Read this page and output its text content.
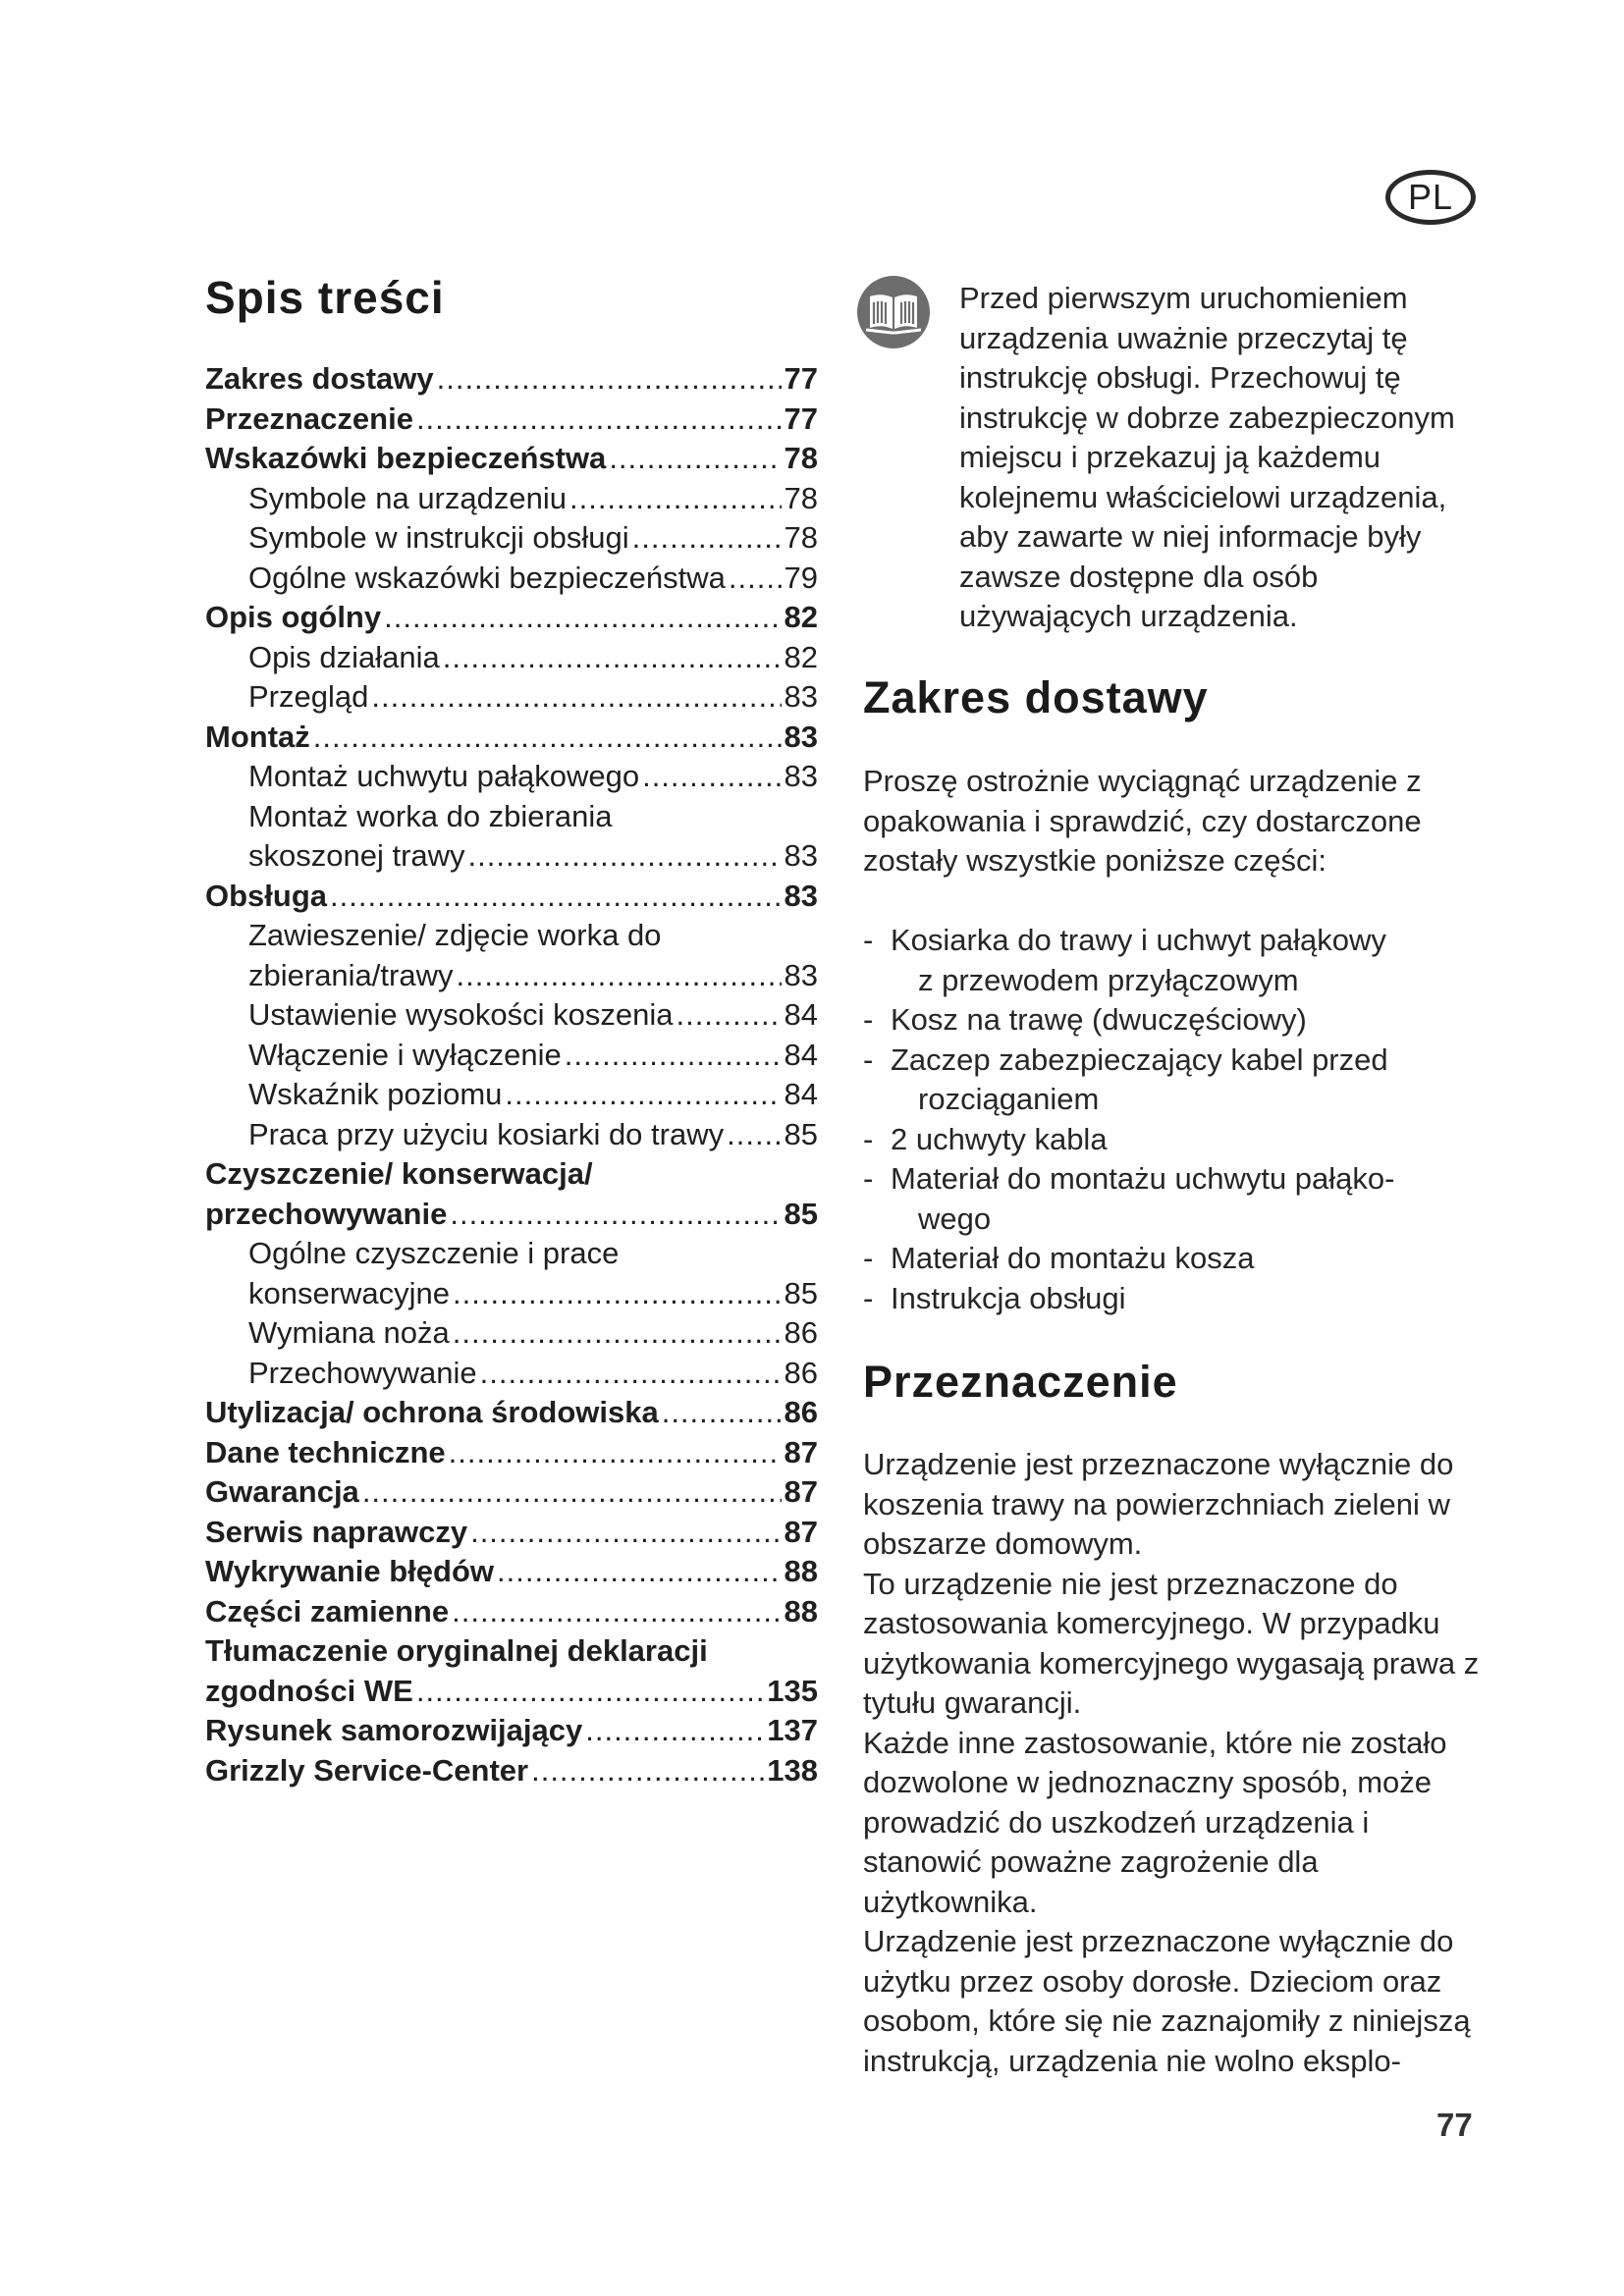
PL
Spis treści
Zakres dostawy .....	77
Przeznaczenie .....	77
Wskazówki bezpieczeństwa .....	78
Symbole na urządzeniu .....	78
Symbole w instrukcji obsługi .....	78
Ogólne wskazówki bezpieczeństwa ..... 79
Opis ogólny .....	82
Opis działania .....	82
Przegląd .....	83
Montaż .....	83
Montaż uchwytu pałąkowego .....	83
Montaż worka do zbierania
skoszonej trawy .....	83
Obsługa .....	83
Zawieszenie/ zdjęcie worka do
zbierania/trawy .....	83
Ustawienie wysokości koszenia .....	84
Włączenie i wyłączenie .....	84
Wskaźnik poziomu .....	84
Praca przy użyciu kosiarki do trawy ..... 85
Czyszczenie/ konserwacja/
przechowywanie .....	85
Ogólne czyszczenie i prace
konserwacyjne .....	85
Wymiana noża .....	86
Przechowywanie .....	86
Utylizacja/ ochrona środowiska .....	86
Dane techniczne .....	87
Gwarancja .....	87
Serwis naprawczy .....	87
Wykrywanie błędów .....	88
Części zamienne .....	88
Tłumaczenie oryginalnej deklaracji
zgodności WE .....	135
Rysunek samorozwijający .....	137
Grizzly Service-Center .....	138

Przed pierwszym uruchomieniem urządzenia uważnie przeczytaj tę instrukcję obsługi. Przechowuj tę instrukcję w dobrze zabezpieczonym miejscu i przekazuj ją każdemu kolejnemu właścicielowi urządzenia, aby zawarte w niej informacje były zawsze dostępne dla osób używających urządzenia.

Zakres dostawy

Proszę ostrożnie wyciągnąć urządzenie z opakowania i sprawdzić, czy dostarczone zostały wszystkie poniższe części:

- Kosiarka do trawy i uchwyt pałąkowy
z przewodem przyłączowym
- Kosz na trawę (dwuczęściowy)
- Zaczep zabezpieczający kabel przed
rozciąganiem
- 2 uchwyty kabla
- Materiał do montażu uchwytu pałąko-
wego
- Materiał do montażu kosza
- Instrukcja obsługi
Przeznaczenie
Urządzenie jest przeznaczone wyłącznie do koszenia trawy na powierzchniach zieleni w obszarze domowym.
To urządzenie nie jest przeznaczone do zastosowania komercyjnego. W przypadku użytkowania komercyjnego wygasają prawa z tytułu gwarancji.
Każde inne zastosowanie, które nie zostało dozwolone w jednoznaczny sposób, może prowadzić do uszkodzeń urządzenia i stanowić poważne zagrożenie dla użytkownika.
Urządzenie jest przeznaczone wyłącznie do użytku przez osoby dorosłe. Dzieciom oraz osobom, które się nie zaznajomiły z niniejszą instrukcją, urządzenia nie wolno eksplo-

77
